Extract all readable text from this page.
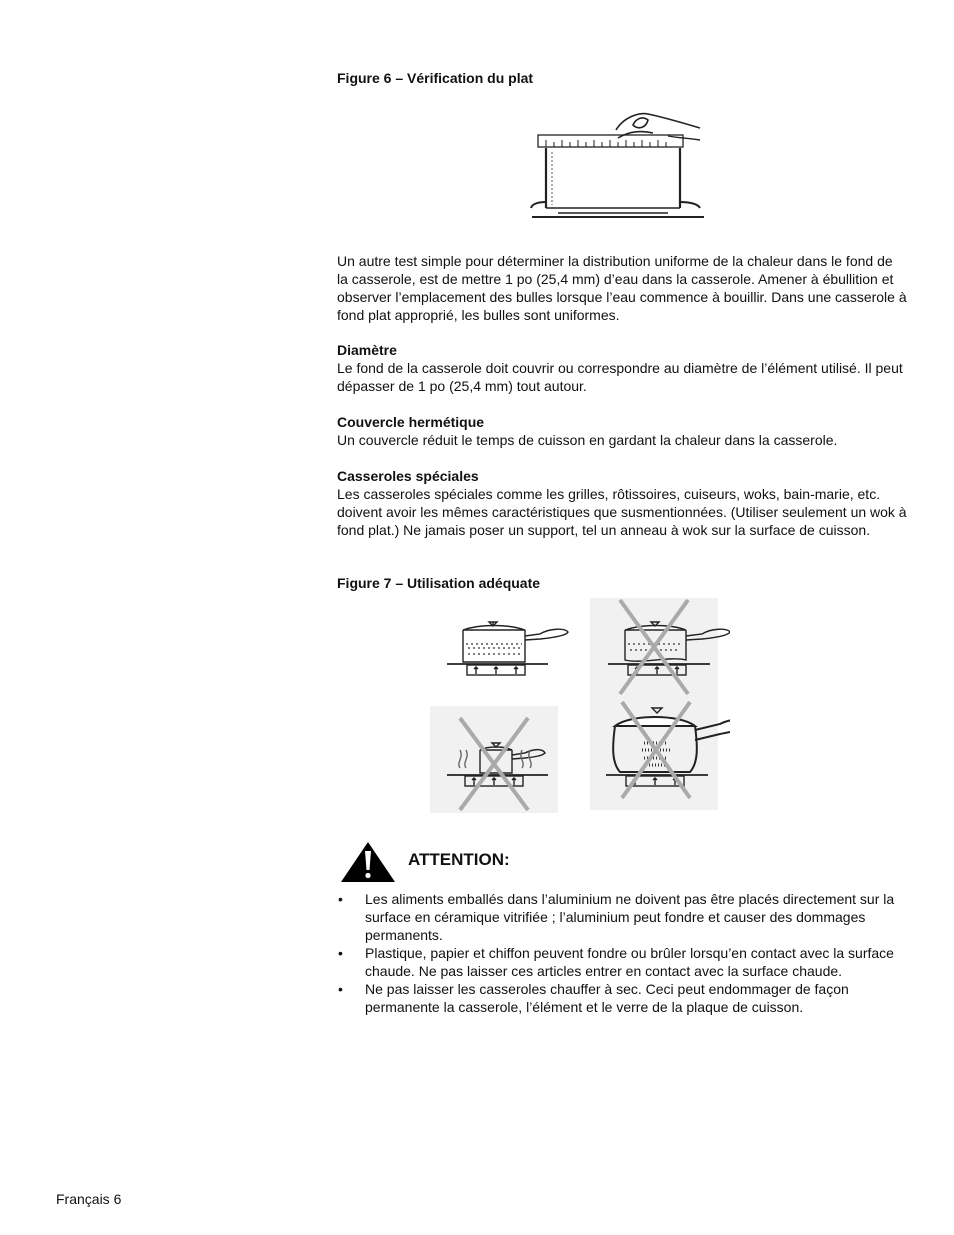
Figure 6 – Vérification du plat

Un autre test simple pour déterminer la distribution uniforme de la chaleur dans le fond de la casserole, est de mettre 1 po (25,4 mm) d’eau dans la casserole. Amener à ébullition et observer l’emplacement des bulles lorsque l’eau commence à bouillir. Dans une casserole à fond plat approprié, les bulles sont uniformes.

Diamètre

Le fond de la casserole doit couvrir ou correspondre au diamètre de l’élément utilisé. Il peut dépasser de 1 po (25,4 mm) tout autour.

Couvercle hermétique

Un couvercle réduit le temps de cuisson en gardant la chaleur dans la casserole.

Casseroles spéciales

Les casseroles spéciales comme les grilles, rôtissoires, cuiseurs, woks, bain-marie, etc. doivent avoir les mêmes caractéristiques que susmentionnées. (Utiliser seulement un wok à fond plat.) Ne jamais poser un support, tel un anneau à wok sur la surface de cuisson.

Figure 7 – Utilisation adéquate
ATTENTION:
• Les aliments emballés dans l’aluminium ne doivent pas être placés directement sur la surface en céramique vitrifiée ; l’aluminium peut fondre et causer des dommages permanents.
• Plastique, papier et chiffon peuvent fondre ou brûler lorsqu’en contact avec la surface chaude. Ne pas laisser ces articles entrer en contact avec la surface chaude.
• Ne pas laisser les casseroles chauffer à sec. Ceci peut endommager de façon permanente la casserole, l’élément et le verre de la plaque de cuisson.
Français 6
